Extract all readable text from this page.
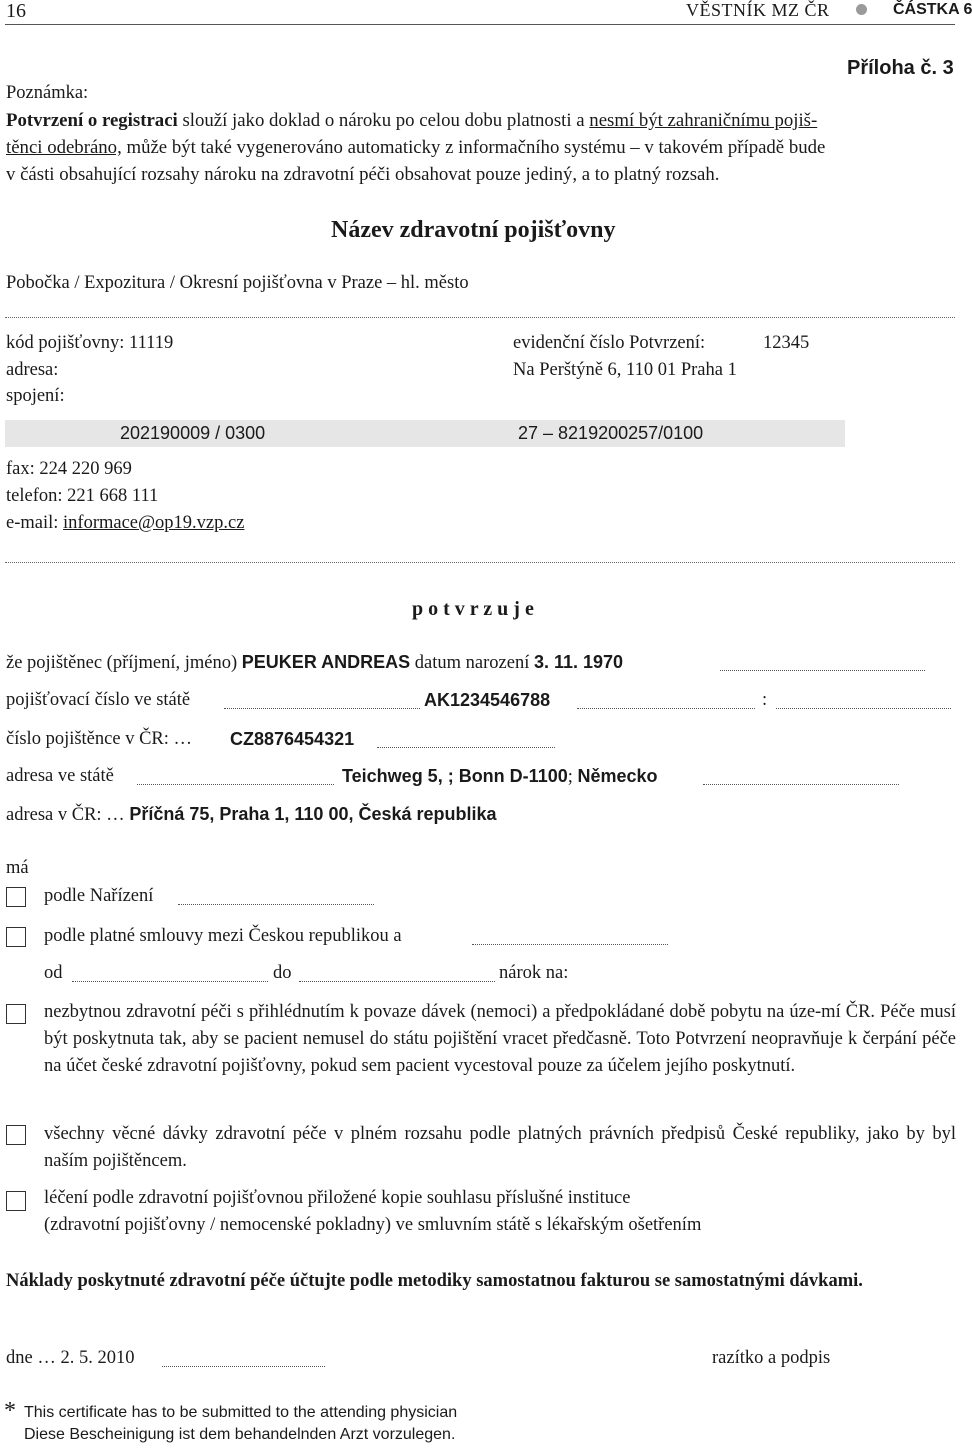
16	VĚSTNÍK MZ ČR	ČÁSTKA 6
Příloha č. 3
Poznámka:
Potvrzení o registraci slouží jako doklad o nároku po celou dobu platnosti a nesmí být zahraničnímu pojiš-
těnci odebráno, může být také vygenerováno automaticky z informačního systému – v takovém případě bude
v části obsahující rozsahy nároku na zdravotní péči obsahovat pouze jediný, a to platný rozsah.
Název zdravotní pojišťovny
Pobočka / Expozitura / Okresní pojišťovna v Praze – hl. město
kód pojišťovny: 11119	evidenční číslo Potvrzení:	12345
adresa:	Na Perštýně 6, 110 01 Praha 1
spojení:
202190009 / 0300	27 – 8219200257/0100
fax: 224 220 969
telefon: 221 668 111
e-mail: informace@op19.vzp.cz
p o t v r z u j e
že pojištěnec (příjmení, jméno) PEUKER ANDREAS datum narození 3. 11. 1970
pojišťovací číslo ve státě	AK1234546788	:
číslo pojištěnce v ČR: … CZ8876454321
adresa ve státě	Teichweg 5, ; Bonn D-1100; Německo
adresa v ČR: … Příčná 75, Praha 1, 110 00, Česká republika
má
podle Nařízení
podle platné smlouvy mezi Českou republikou a
od	do	nárok na:
nezbytnou zdravotní péči s přihlédnutím k povaze dávek (nemoci) a předpokládané době pobytu na úze-mí ČR. Péče musí být poskytnuta tak, aby se pacient nemusel do státu pojištění vracet předčasně. Toto Potvrzení neopravňuje k čerpání péče na účet české zdravotní pojišťovny, pokud sem pacient vycestoval pouze za účelem jejího poskytnutí.
všechny věcné dávky zdravotní péče v plném rozsahu podle platných právních předpisů České republiky, jako by byl naším pojištěncem.
léčení podle zdravotní pojišťovnou přiložené kopie souhlasu příslušné instituce
(zdravotní pojišťovny / nemocenské pokladny) ve smluvním státě s lékařským ošetřením
Náklady poskytnuté zdravotní péče účtujte podle metodiky samostatnou fakturou se samostatnými dávkami.
dne … 2. 5. 2010	razítko a podpis
* This certificate has to be submitted to the attending physician
Diese Bescheinigung ist dem behandelnden Arzt vorzulegen.
